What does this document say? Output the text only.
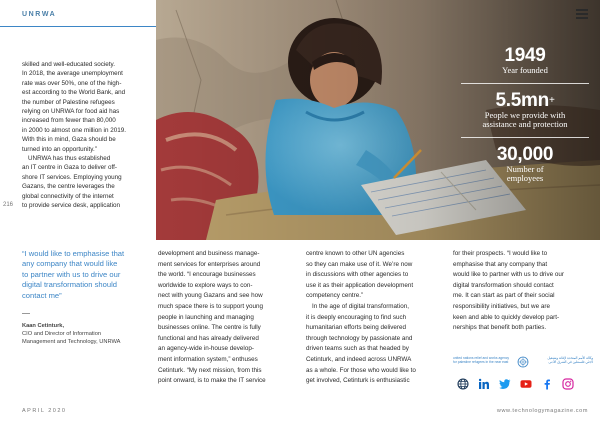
UNRWA
216
1949
Year founded
5.5mn+
People we provide with
assistance and protection
30,000
Number of
employees

skilled and well-educated society.

In 2018, the average unemployment

rate was over 50%, one of the high-

est according to the World Bank, and

the number of Palestine refugees

relying on UNRWA for food aid has

increased from fewer than 80,000

in 2000 to almost one million in 2019.

With this in mind, Gaza should be

turned into an opportunity.”

UNRWA has thus established

an IT centre in Gaza to deliver off-

shore IT services. Employing young

Gazans, the centre leverages the

global connectivity of the internet

to provide service desk, application

“I would like to emphasise that
any company that would like
to partner with us to drive our
digital transformation should
contact me”
Kaan Cetinturk,
CIO and Director of Information
Management and Technology, UNRWA

development and business manage-

ment services for enterprises around

the world. “I encourage businesses

worldwide to explore ways to con-

nect with young Gazans and see how

much space there is to support young

people in launching and managing

businesses online. The centre is fully

functional and has already delivered

an agency-wide in-house develop-

ment information system,” enthuses

Cetinturk. “My next mission, from this

point onward, is to make the IT service

centre known to other UN agencies

so they can make use of it. We’re now

in discussions with other agencies to

use it as their application development

competency centre.”

In the age of digital transformation,

it is deeply encouraging to find such

humanitarian efforts being delivered

through technology by passionate and

driven teams such as that headed by

Cetinturk, and indeed across UNRWA

as a whole. For those who would like to

get involved, Cetinturk is enthusiastic

for their prospects. “I would like to

emphasise that any company that

would like to partner with us to drive our

digital transformation should contact

me. It can start as part of their social

responsibility initiatives, but we are

keen and able to quickly develop part-

nerships that benefit both parties.

united nations relief and works agency
for palestine refugees in the near east
وكالة الأمم المتحدة لإغاثة وتشغيل
لاجئي فلسطين في الشرق الأدنى
APRIL 2020	www.technologymagazine.com
